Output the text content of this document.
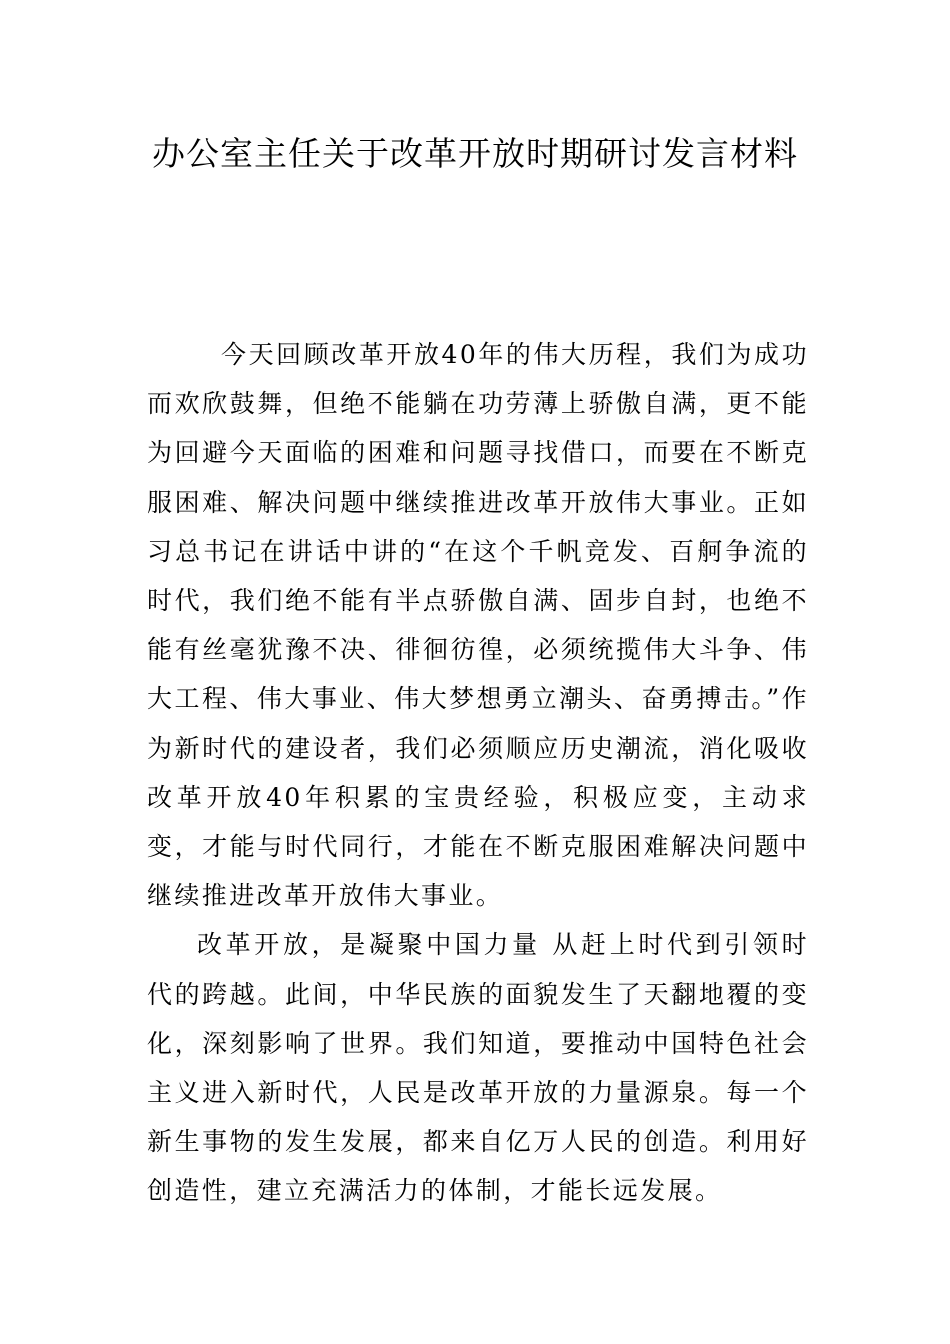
办公室主任关于改革开放时期研讨发言材料

今天回顾改革开放40年的伟大历程，我们为成功而欢欣鼓舞，但绝不能躺在功劳薄上骄傲自满，更不能为回避今天面临的困难和问题寻找借口，而要在不断克服困难、解决问题中继续推进改革开放伟大事业。正如习总书记在讲话中讲的“在这个千帆竞发、百舸争流的时代，我们绝不能有半点骄傲自满、固步自封，也绝不能有丝毫犹豫不决、徘徊彷徨，必须统揽伟大斗争、伟大工程、伟大事业、伟大梦想勇立潮头、奋勇搏击。”作为新时代的建设者，我们必须顺应历史潮流，消化吸收改革开放40年积累的宝贵经验，积极应变，主动求变，才能与时代同行，才能在不断克服困难解决问题中继续推进改革开放伟大事业。

改革开放，是凝聚中国力量 从赶上时代到引领时代的跨越。此间，中华民族的面貌发生了天翻地覆的变化，深刻影响了世界。我们知道，要推动中国特色社会主义进入新时代，人民是改革开放的力量源泉。每一个新生事物的发生发展，都来自亿万人民的创造。利用好创造性，建立充满活力的体制，才能长远发展。
